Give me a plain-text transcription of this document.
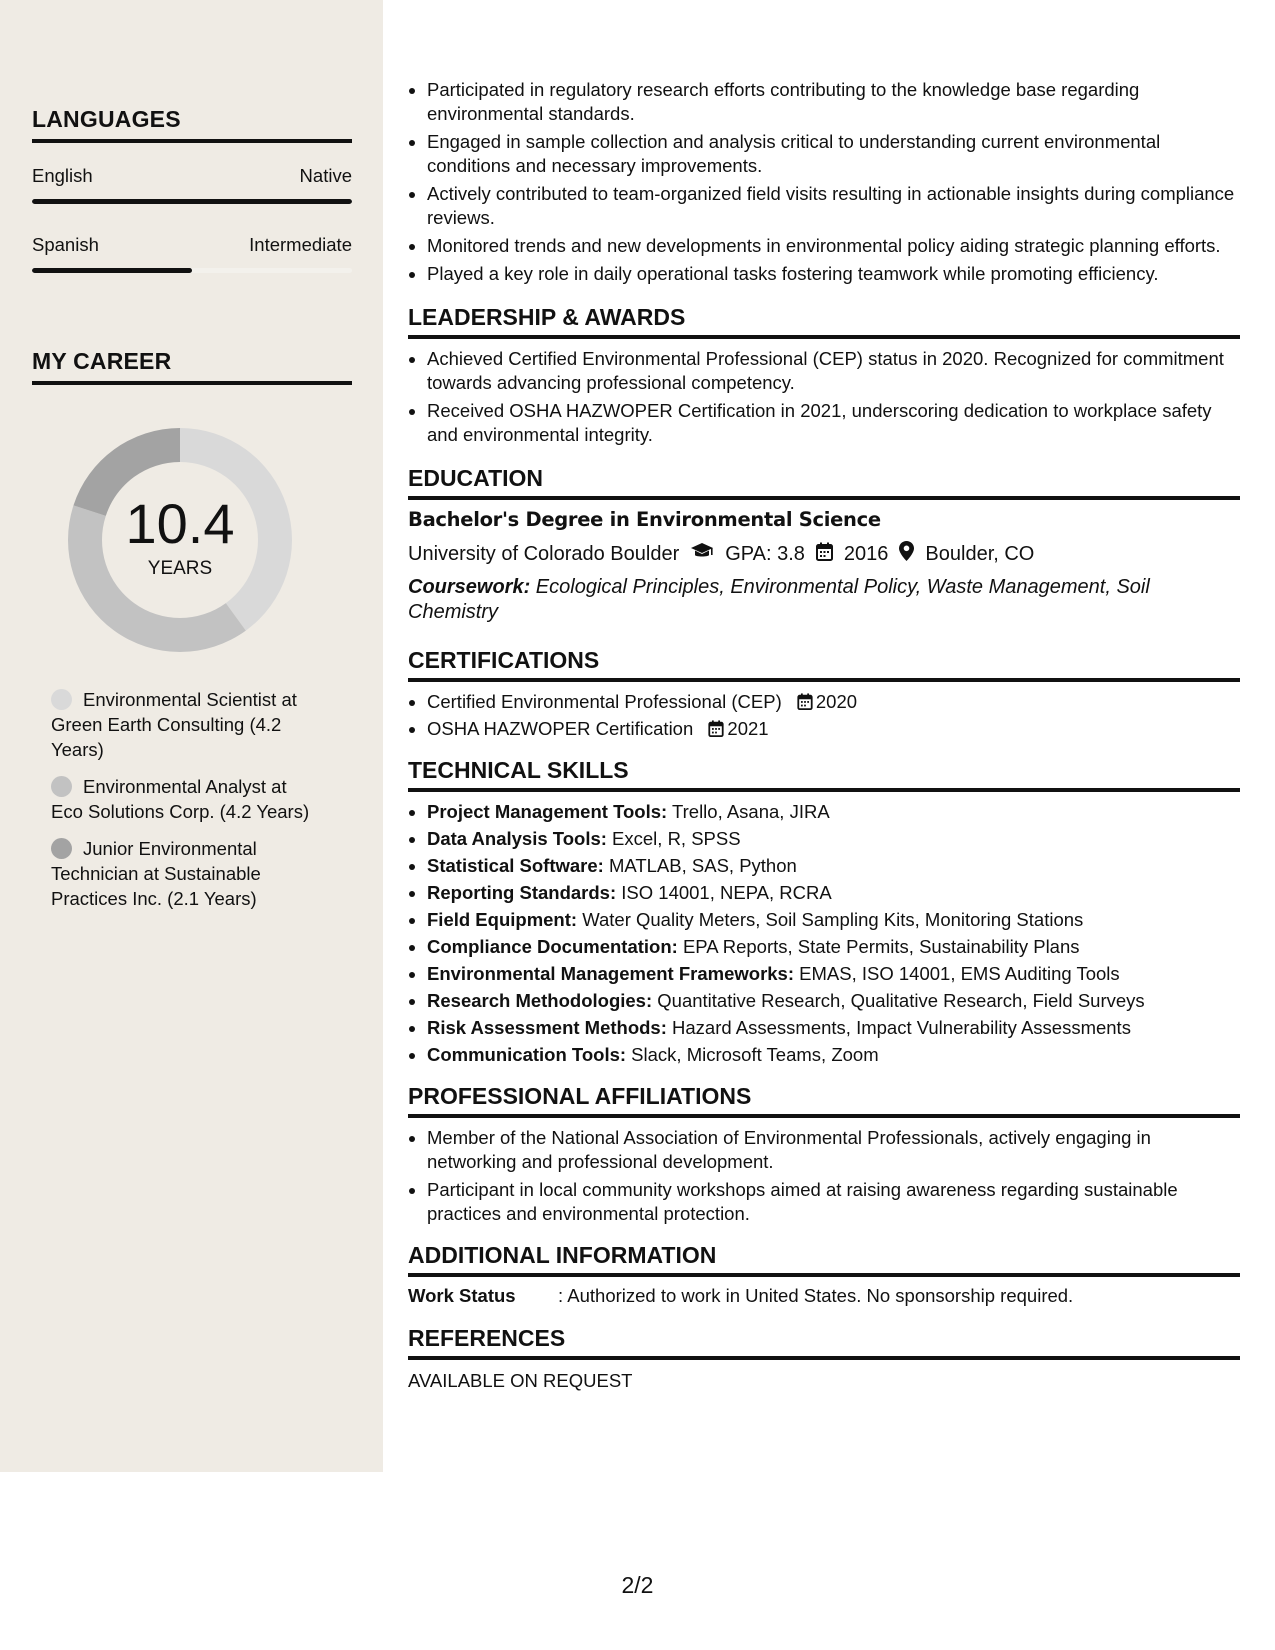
LANGUAGES
English	Native
Spanish	Intermediate
MY CAREER
10.4
YEARS
Environmental Scientist at Green Earth Consulting (4.2 Years)
Environmental Analyst at Eco Solutions Corp. (4.2 Years)
Junior Environmental Technician at Sustainable Practices Inc. (2.1 Years)
• Participated in regulatory research efforts contributing to the knowledge base regarding environmental standards.
• Engaged in sample collection and analysis critical to understanding current environmental conditions and necessary improvements.
• Actively contributed to team-organized field visits resulting in actionable insights during compliance reviews.
• Monitored trends and new developments in environmental policy aiding strategic planning efforts.
• Played a key role in daily operational tasks fostering teamwork while promoting efficiency.
LEADERSHIP & AWARDS
• Achieved Certified Environmental Professional (CEP) status in 2020. Recognized for commitment towards advancing professional competency.
• Received OSHA HAZWOPER Certification in 2021, underscoring dedication to workplace safety and environmental integrity.
EDUCATION
Bachelor's Degree in Environmental Science
University of Colorado Boulder GPA: 3.8 2016 Boulder, CO
Coursework: Ecological Principles, Environmental Policy, Waste Management, Soil Chemistry
CERTIFICATIONS
• Certified Environmental Professional (CEP) 2020
• OSHA HAZWOPER Certification 2021
TECHNICAL SKILLS
• Project Management Tools: Trello, Asana, JIRA
• Data Analysis Tools: Excel, R, SPSS
• Statistical Software: MATLAB, SAS, Python
• Reporting Standards: ISO 14001, NEPA, RCRA
• Field Equipment: Water Quality Meters, Soil Sampling Kits, Monitoring Stations
• Compliance Documentation: EPA Reports, State Permits, Sustainability Plans
• Environmental Management Frameworks: EMAS, ISO 14001, EMS Auditing Tools
• Research Methodologies: Quantitative Research, Qualitative Research, Field Surveys
• Risk Assessment Methods: Hazard Assessments, Impact Vulnerability Assessments
• Communication Tools: Slack, Microsoft Teams, Zoom
PROFESSIONAL AFFILIATIONS
• Member of the National Association of Environmental Professionals, actively engaging in networking and professional development.
• Participant in local community workshops aimed at raising awareness regarding sustainable practices and environmental protection.
ADDITIONAL INFORMATION
Work Status	: Authorized to work in United States. No sponsorship required.
REFERENCES
AVAILABLE ON REQUEST
2/2
